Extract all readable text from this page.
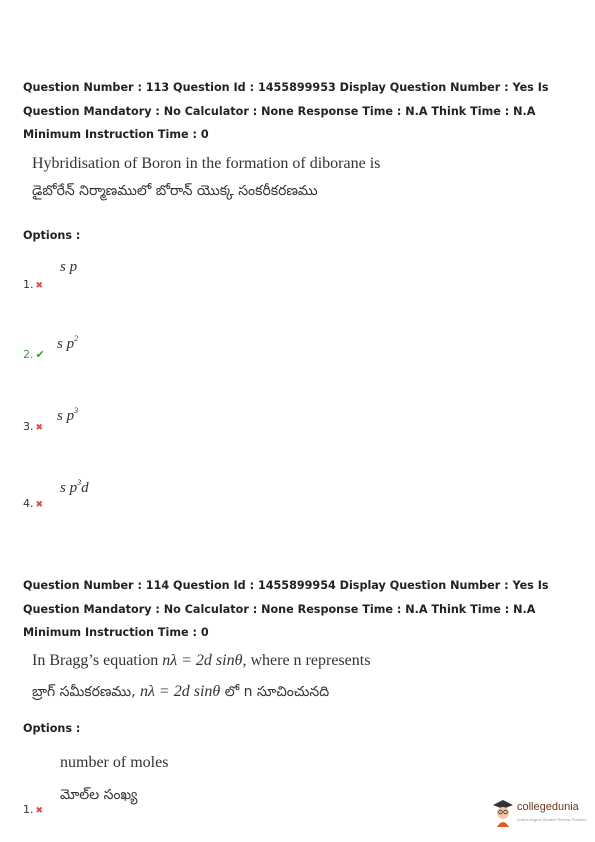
Question Number : 113 Question Id : 1455899953 Display Question Number : Yes Is Question Mandatory : No Calculator : None Response Time : N.A Think Time : N.A Minimum Instruction Time : 0
Hybridisation of Boron in the formation of diborane is
డైబోరేన్ నిర్మాణములో బోరాన్ యొక్క సంకరీకరణము
Options :
1. ✖
s p
2. ✔
s $p^2$
3. ✖
s $p^3$
4. ✖
s $p^3d$
Question Number : 114 Question Id : 1455899954 Display Question Number : Yes Is Question Mandatory : No Calculator : None Response Time : N.A Think Time : N.A Minimum Instruction Time : 0
In Bragg’s equation nλ = 2d sinθ, where n represents
బ్రాగ్ సమీకరణము, nλ = 2d sinθ లో n సూచించునది
Options :
number of moles
మోల్‌ల సంఖ్య
1. ✖	collegedunia
India's largest Student Review Platform
